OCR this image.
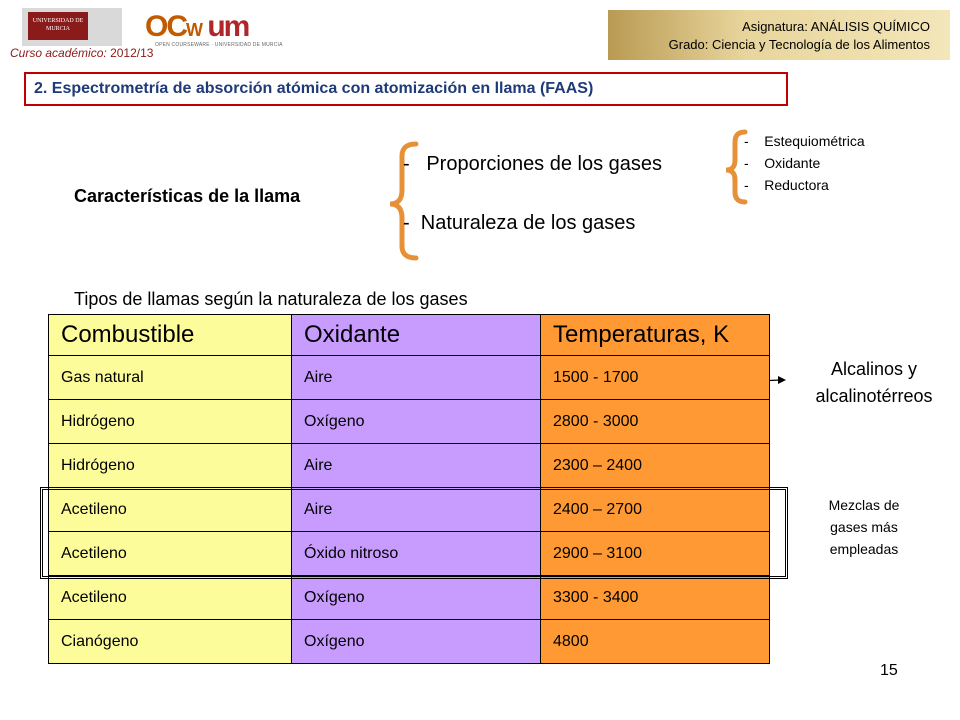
UNIVERSIDAD DE MURCIA	OCW um
OPEN COURSEWARE · UNIVERSIDAD DE MURCIA
Curso académico: 2012/13
Asignatura: ANÁLISIS QUÍMICO
Grado: Ciencia y Tecnología de los Alimentos
2. Espectrometría de absorción atómica con atomización en llama (FAAS)
Características de la llama
- Proporciones de los gases
- Naturaleza de los gases
- Estequiométrica
- Oxidante
- Reductora
Tipos de llamas según la naturaleza de los gases
Combustible	Oxidante	Temperaturas, K
Gas natural	Aire	1500 - 1700
Hidrógeno	Oxígeno	2800 - 3000
Hidrógeno	Aire	2300 – 2400
Acetileno	Aire	2400 – 2700
Acetileno	Óxido nitroso	2900 – 3100
Acetileno	Oxígeno	3300 - 3400
Cianógeno	Oxígeno	4800
Alcalinos y
alcalinotérreos
Mezclas de
gases más
empleadas
15
